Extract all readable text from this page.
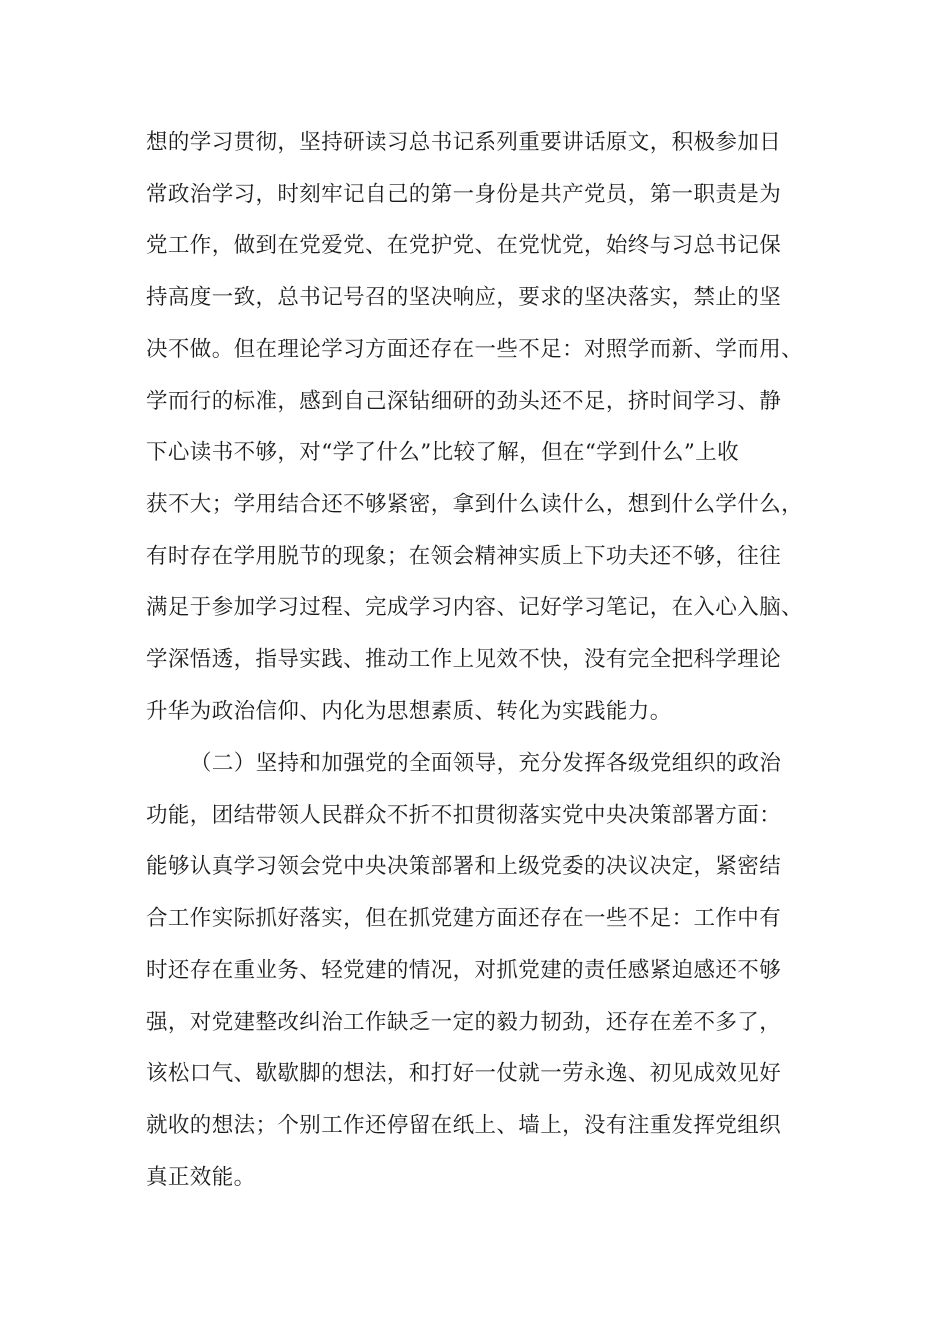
想的学习贯彻，坚持研读习总书记系列重要讲话原文，积极参加日
常政治学习，时刻牢记自己的第一身份是共产党员，第一职责是为
党工作，做到在党爱党、在党护党、在党忧党，始终与习总书记保
持高度一致，总书记号召的坚决响应，要求的坚决落实，禁止的坚
决不做。但在理论学习方面还存在一些不足：对照学而新、学而用、
学而行的标准，感到自己深钻细研的劲头还不足，挤时间学习、静
下心读书不够，对“学了什么”比较了解，但在“学到什么”上收
获不大；学用结合还不够紧密，拿到什么读什么，想到什么学什么，
有时存在学用脱节的现象；在领会精神实质上下功夫还不够，往往
满足于参加学习过程、完成学习内容、记好学习笔记，在入心入脑、
学深悟透，指导实践、推动工作上见效不快，没有完全把科学理论
升华为政治信仰、内化为思想素质、转化为实践能力。
（二）坚持和加强党的全面领导，充分发挥各级党组织的政治
功能，团结带领人民群众不折不扣贯彻落实党中央决策部署方面：
能够认真学习领会党中央决策部署和上级党委的决议决定，紧密结
合工作实际抓好落实，但在抓党建方面还存在一些不足：工作中有
时还存在重业务、轻党建的情况，对抓党建的责任感紧迫感还不够
强，对党建整改纠治工作缺乏一定的毅力韧劲，还存在差不多了，
该松口气、歇歇脚的想法，和打好一仗就一劳永逸、初见成效见好
就收的想法；个别工作还停留在纸上、墙上，没有注重发挥党组织
真正效能。
